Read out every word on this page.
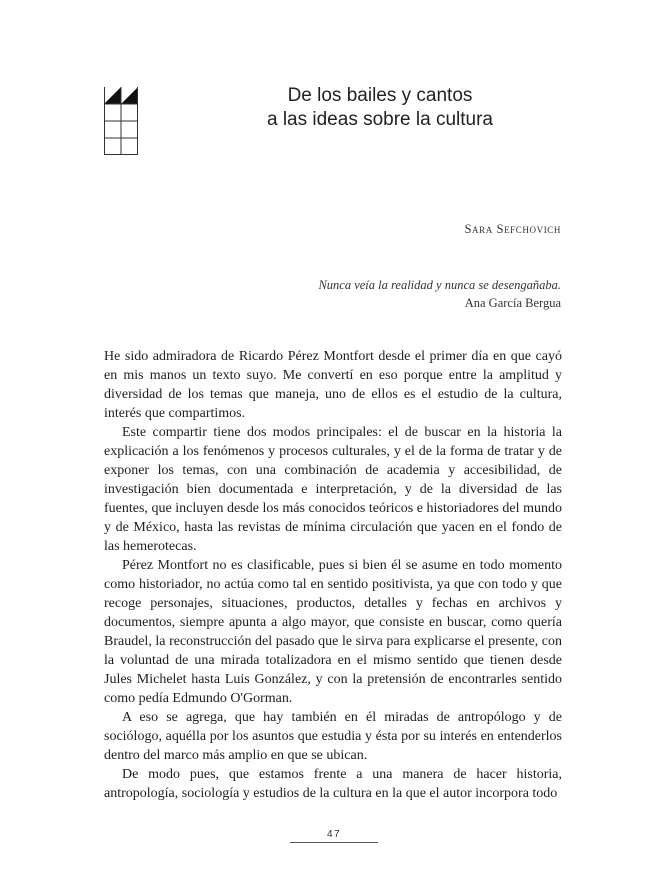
De los bailes y cantos
a las ideas sobre la cultura
Sara Sefchovich
Nunca veía la realidad y nunca se desengañaba.
Ana García Bergua

He sido admiradora de Ricardo Pérez Montfort desde el primer día en que cayó en mis manos un texto suyo. Me convertí en eso porque entre la amplitud y diversidad de los temas que maneja, uno de ellos es el estudio de la cultura, interés que compartimos.

Este compartir tiene dos modos principales: el de buscar en la historia la explicación a los fenómenos y procesos culturales, y el de la forma de tratar y de exponer los temas, con una combinación de academia y accesibilidad, de investigación bien documentada e interpretación, y de la diversidad de las fuentes, que incluyen desde los más conocidos teóricos e historiadores del mundo y de México, hasta las revistas de mínima circulación que yacen en el fondo de las hemerotecas.

Pérez Montfort no es clasificable, pues si bien él se asume en todo momento como historiador, no actúa como tal en sentido positivista, ya que con todo y que recoge personajes, situaciones, productos, detalles y fechas en archivos y documentos, siempre apunta a algo mayor, que consiste en buscar, como quería Braudel, la reconstrucción del pasado que le sirva para explicarse el presente, con la voluntad de una mirada totalizadora en el mismo sentido que tienen desde Jules Michelet hasta Luis González, y con la pretensión de encontrarles sentido como pedía Edmundo O'Gorman.

A eso se agrega, que hay también en él miradas de antropólogo y de sociólogo, aquélla por los asuntos que estudia y ésta por su interés en entenderlos dentro del marco más amplio en que se ubican.

De modo pues, que estamos frente a una manera de hacer historia, antropología, sociología y estudios de la cultura en la que el autor incorpora todo

47
